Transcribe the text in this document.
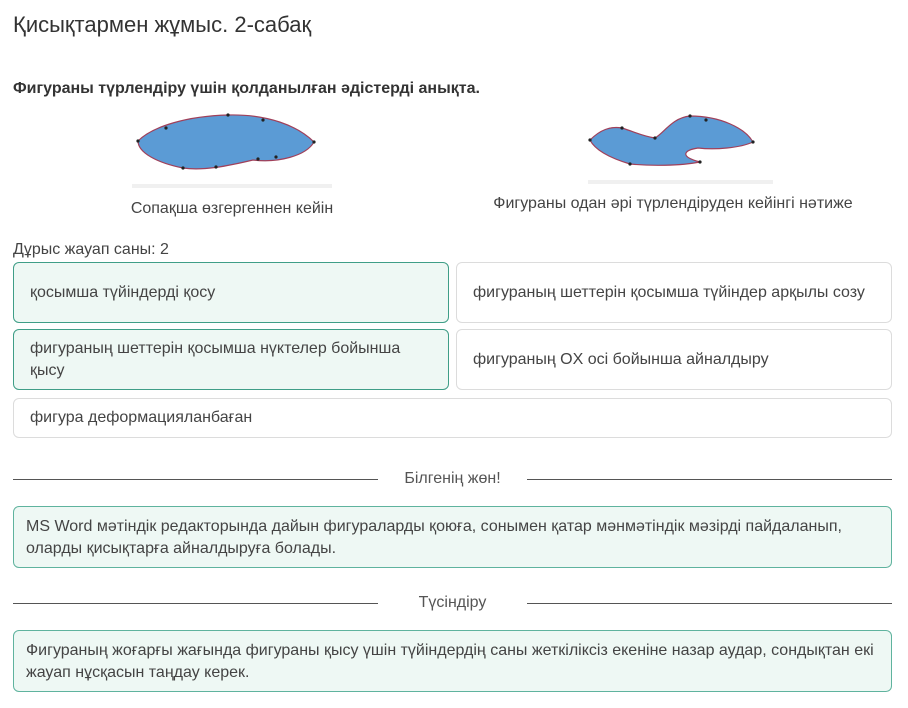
Қисықтармен жұмыс. 2-сабақ
Фигураны түрлендіру үшін қолданылған әдістерді анықта.
Сопақша өзгергеннен кейін	Фигураны одан әрі түрлендіруден кейінгі нәтиже
Дұрыс жауап саны: 2
қосымша түйіндерді қосу	фигураның шеттерін қосымша түйіндер арқылы созу
фигураның шеттерін қосымша нүктелер бойынша қысу
фигураның OX осі бойынша айналдыру
фигура деформацияланбаған
Білгенің жөн!
MS Word мәтіндік редакторында дайын фигураларды қоюға, сонымен қатар мәнмәтіндік мәзірді пайдаланып, оларды қисықтарға айналдыруға болады.
Түсіндіру
Фигураның жоғарғы жағында фигураны қысу үшін түйіндердің саны жеткіліксіз екеніне назар аудар, сондықтан екі жауап нұсқасын таңдау керек.
